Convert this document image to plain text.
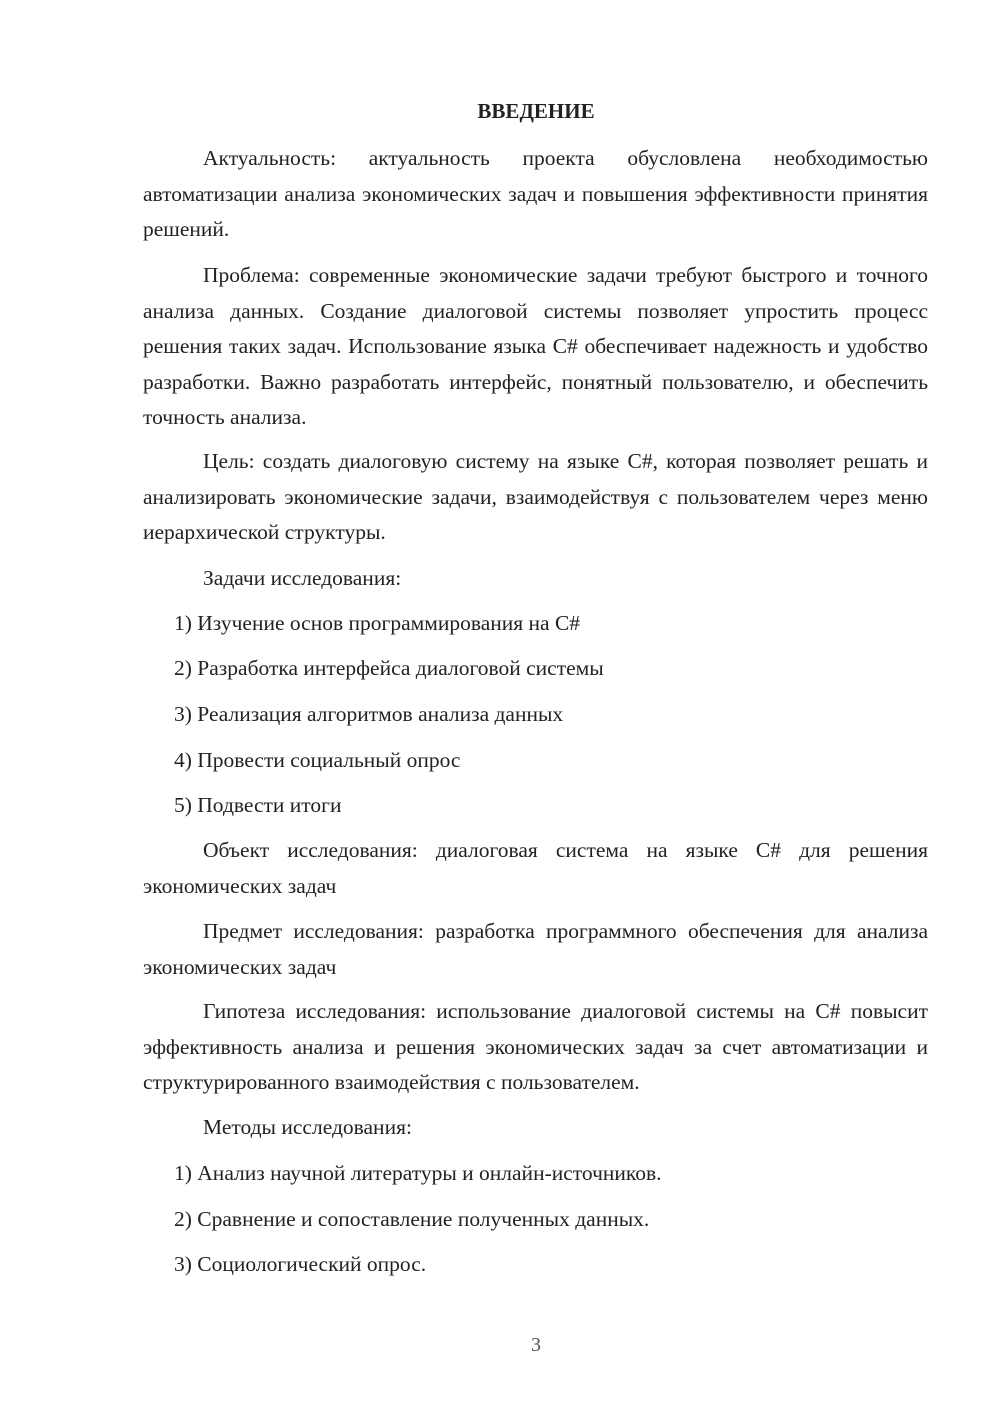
ВВЕДЕНИЕ
Актуальность: актуальность проекта обусловлена необходимостью автоматизации анализа экономических задач и повышения эффективности принятия решений.
Проблема: современные экономические задачи требуют быстрого и точного анализа данных. Создание диалоговой системы позволяет упростить процесс решения таких задач. Использование языка C# обеспечивает надежность и удобство разработки. Важно разработать интерфейс, понятный пользователю, и обеспечить точность анализа.
Цель: создать диалоговую систему на языке C#, которая позволяет решать и анализировать экономические задачи, взаимодействуя с пользователем через меню иерархической структуры.
Задачи исследования:
1) Изучение основ программирования на C#
2) Разработка интерфейса диалоговой системы
3) Реализация алгоритмов анализа данных
4) Провести социальный опрос
5) Подвести итоги
Объект исследования: диалоговая система на языке C# для решения экономических задач
Предмет исследования: разработка программного обеспечения для анализа экономических задач
Гипотеза исследования: использование диалоговой системы на C# повысит эффективность анализа и решения экономических задач за счет автоматизации и структурированного взаимодействия с пользователем.
Методы исследования:
1) Анализ научной литературы и онлайн-источников.
2) Сравнение и сопоставление полученных данных.
3) Социологический опрос.
3
